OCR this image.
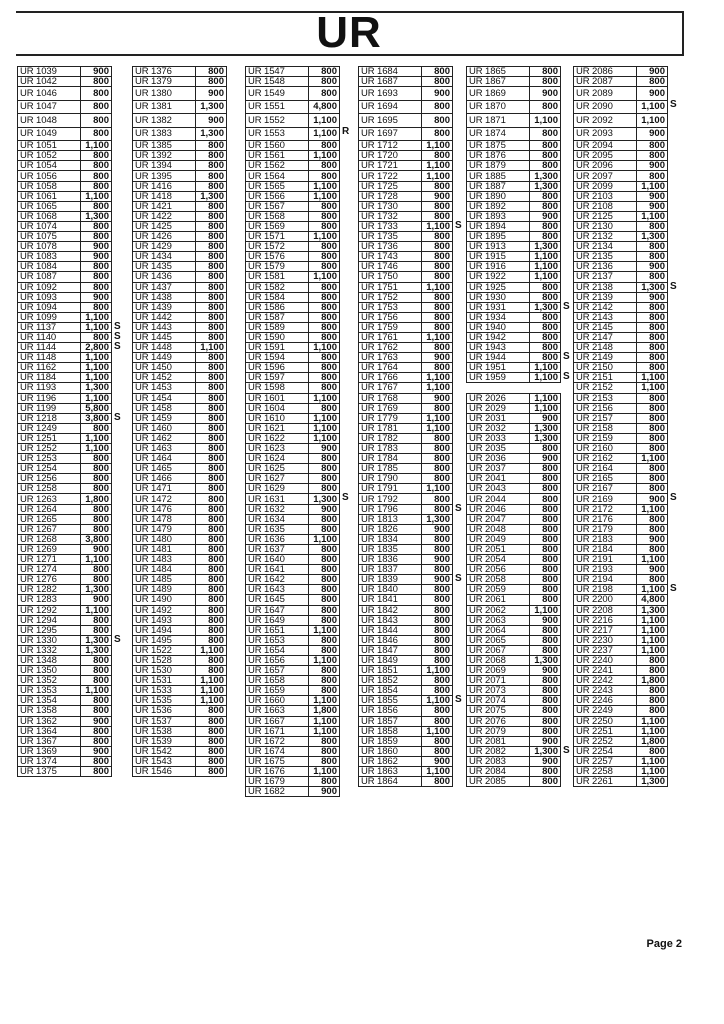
UR
UR 1039	900
UR 1042	800
UR 1046	800
UR 1047	800
UR 1048	800
UR 1049	800
UR 1051	1,100
UR 1052	800
UR 1054	800
UR 1056	800
UR 1058	800
UR 1061	1,100
UR 1065	800
UR 1068	1,300
UR 1074	800
UR 1075	800
UR 1078	900
UR 1083	900
UR 1084	800
UR 1087	800
UR 1092	800
UR 1093	900
UR 1094	800
UR 1099	1,100
UR 1137	1,100
UR 1140	800
UR 1144	2,800
UR 1148	1,100
UR 1162	1,100
UR 1184	1,100
UR 1193	1,300
UR 1196	1,100
UR 1199	5,800
UR 1218	3,800
UR 1249	800
UR 1251	1,100
UR 1252	1,100
UR 1253	800
UR 1254	800
UR 1256	800
UR 1258	800
UR 1263	1,800
UR 1264	800
UR 1265	800
UR 1267	800
UR 1268	3,800
UR 1269	900
UR 1271	1,100
UR 1274	800
UR 1276	800
UR 1282	1,300
UR 1283	900
UR 1292	1,100
UR 1294	800
UR 1295	800
UR 1330	1,300
UR 1332	1,300
UR 1348	800
UR 1350	800
UR 1352	800
UR 1353	1,100
UR 1354	800
UR 1358	800
UR 1362	900
UR 1364	800
UR 1367	800
UR 1369	900
UR 1374	800
UR 1375	800
S
S
S
S
S
UR 1376	800
UR 1379	800
UR 1380	900
UR 1381	1,300
UR 1382	900
UR 1383	1,300
UR 1385	800
UR 1392	800
UR 1394	800
UR 1395	800
UR 1416	800
UR 1418	1,300
UR 1421	800
UR 1422	800
UR 1425	800
UR 1426	800
UR 1429	800
UR 1434	800
UR 1435	800
UR 1436	800
UR 1437	800
UR 1438	800
UR 1439	800
UR 1442	800
UR 1443	800
UR 1445	800
UR 1448	1,100
UR 1449	800
UR 1450	800
UR 1452	800
UR 1453	800
UR 1454	800
UR 1458	800
UR 1459	800
UR 1460	800
UR 1462	800
UR 1463	800
UR 1464	800
UR 1465	800
UR 1466	800
UR 1471	800
UR 1472	800
UR 1476	800
UR 1478	800
UR 1479	800
UR 1480	800
UR 1481	800
UR 1483	800
UR 1484	800
UR 1485	800
UR 1489	800
UR 1490	800
UR 1492	800
UR 1493	800
UR 1494	800
UR 1495	800
UR 1522	1,100
UR 1528	800
UR 1530	800
UR 1531	1,100
UR 1533	1,100
UR 1535	1,100
UR 1536	800
UR 1537	800
UR 1538	800
UR 1539	800
UR 1542	800
UR 1543	800
UR 1546	800
UR 1547	800
UR 1548	800
UR 1549	800
UR 1551	4,800
UR 1552	1,100
UR 1553	1,100
UR 1560	800
UR 1561	1,100
UR 1562	800
UR 1564	800
UR 1565	1,100
UR 1566	1,100
UR 1567	800
UR 1568	800
UR 1569	800
UR 1571	1,100
UR 1572	800
UR 1576	800
UR 1579	800
UR 1581	1,100
UR 1582	800
UR 1584	800
UR 1586	800
UR 1587	800
UR 1589	800
UR 1590	800
UR 1591	1,100
UR 1594	800
UR 1596	800
UR 1597	800
UR 1598	800
UR 1601	1,100
UR 1604	800
UR 1610	1,100
UR 1621	1,100
UR 1622	1,100
UR 1623	900
UR 1624	800
UR 1625	800
UR 1627	800
UR 1629	800
UR 1631	1,300
UR 1632	900
UR 1634	800
UR 1635	800
UR 1636	1,100
UR 1637	800
UR 1640	800
UR 1641	800
UR 1642	800
UR 1643	800
UR 1645	800
UR 1647	800
UR 1649	800
UR 1651	1,100
UR 1653	800
UR 1654	800
UR 1656	1,100
UR 1657	800
UR 1658	800
UR 1659	800
UR 1660	1,100
UR 1663	1,800
UR 1667	1,100
UR 1671	1,100
UR 1672	800
UR 1674	800
UR 1675	800
UR 1676	1,100
UR 1679	800
UR 1682	900
R
S
UR 1684	800
UR 1687	800
UR 1693	900
UR 1694	800
UR 1695	800
UR 1697	800
UR 1712	1,100
UR 1720	800
UR 1721	1,100
UR 1722	1,100
UR 1725	800
UR 1728	900
UR 1730	800
UR 1732	800
UR 1733	1,100
UR 1735	800
UR 1736	800
UR 1743	800
UR 1746	800
UR 1750	800
UR 1751	1,100
UR 1752	800
UR 1753	800
UR 1756	800
UR 1759	800
UR 1761	1,100
UR 1762	800
UR 1763	900
UR 1764	800
UR 1766	1,100
UR 1767	1,100
UR 1768	900
UR 1769	800
UR 1779	1,100
UR 1781	1,100
UR 1782	800
UR 1783	800
UR 1784	800
UR 1785	800
UR 1790	800
UR 1791	1,100
UR 1792	800
UR 1796	800
UR 1813	1,300
UR 1826	900
UR 1834	800
UR 1835	800
UR 1836	900
UR 1837	800
UR 1839	900
UR 1840	800
UR 1841	800
UR 1842	800
UR 1843	800
UR 1844	800
UR 1846	800
UR 1847	800
UR 1849	800
UR 1851	1,100
UR 1852	800
UR 1854	800
UR 1855	1,100
UR 1856	800
UR 1857	800
UR 1858	1,100
UR 1859	800
UR 1860	800
UR 1862	900
UR 1863	1,100
UR 1864	800
S
S
S
S
UR 1865	800
UR 1867	800
UR 1869	900
UR 1870	800
UR 1871	1,100
UR 1874	800
UR 1875	800
UR 1876	800
UR 1879	800
UR 1885	1,300
UR 1887	1,300
UR 1890	800
UR 1892	800
UR 1893	900
UR 1894	800
UR 1895	800
UR 1913	1,300
UR 1915	1,100
UR 1916	1,100
UR 1922	1,100
UR 1925	800
UR 1930	800
UR 1931	1,300
UR 1934	800
UR 1940	800
UR 1942	800
UR 1943	800
UR 1944	800
UR 1951	1,100
UR 1959	1,100

UR 2026	1,100
UR 2029	1,100
UR 2031	900
UR 2032	1,300
UR 2033	1,300
UR 2035	800
UR 2036	900
UR 2037	800
UR 2041	800
UR 2043	800
UR 2044	800
UR 2046	800
UR 2047	800
UR 2048	800
UR 2049	800
UR 2051	800
UR 2054	800
UR 2056	800
UR 2058	800
UR 2059	800
UR 2061	800
UR 2062	1,100
UR 2063	900
UR 2064	800
UR 2065	800
UR 2067	800
UR 2068	1,300
UR 2069	900
UR 2071	800
UR 2073	800
UR 2074	800
UR 2075	800
UR 2076	800
UR 2079	800
UR 2081	900
UR 2082	1,300
UR 2083	900
UR 2084	800
UR 2085	800
S
S
S
S
UR 2086	900
UR 2087	800
UR 2089	900
UR 2090	1,100
UR 2092	1,100
UR 2093	900
UR 2094	800
UR 2095	800
UR 2096	900
UR 2097	800
UR 2099	1,100
UR 2103	900
UR 2108	900
UR 2125	1,100
UR 2130	800
UR 2132	1,300
UR 2134	800
UR 2135	800
UR 2136	900
UR 2137	800
UR 2138	1,300
UR 2139	900
UR 2142	800
UR 2143	800
UR 2145	800
UR 2147	800
UR 2148	800
UR 2149	800
UR 2150	800
UR 2151	1,100
UR 2152	1,100
UR 2153	800
UR 2156	800
UR 2157	800
UR 2158	800
UR 2159	800
UR 2160	800
UR 2162	1,100
UR 2164	800
UR 2165	800
UR 2167	800
UR 2169	900
UR 2172	1,100
UR 2176	800
UR 2179	800
UR 2183	900
UR 2184	800
UR 2191	1,100
UR 2193	900
UR 2194	800
UR 2198	1,100
UR 2200	4,800
UR 2208	1,300
UR 2216	1,100
UR 2217	1,100
UR 2230	1,100
UR 2237	1,100
UR 2240	800
UR 2241	800
UR 2242	1,800
UR 2243	800
UR 2246	800
UR 2249	800
UR 2250	1,100
UR 2251	1,100
UR 2252	1,800
UR 2254	800
UR 2257	1,100
UR 2258	1,100
UR 2261	1,300
S
S
S
S
Page 2
